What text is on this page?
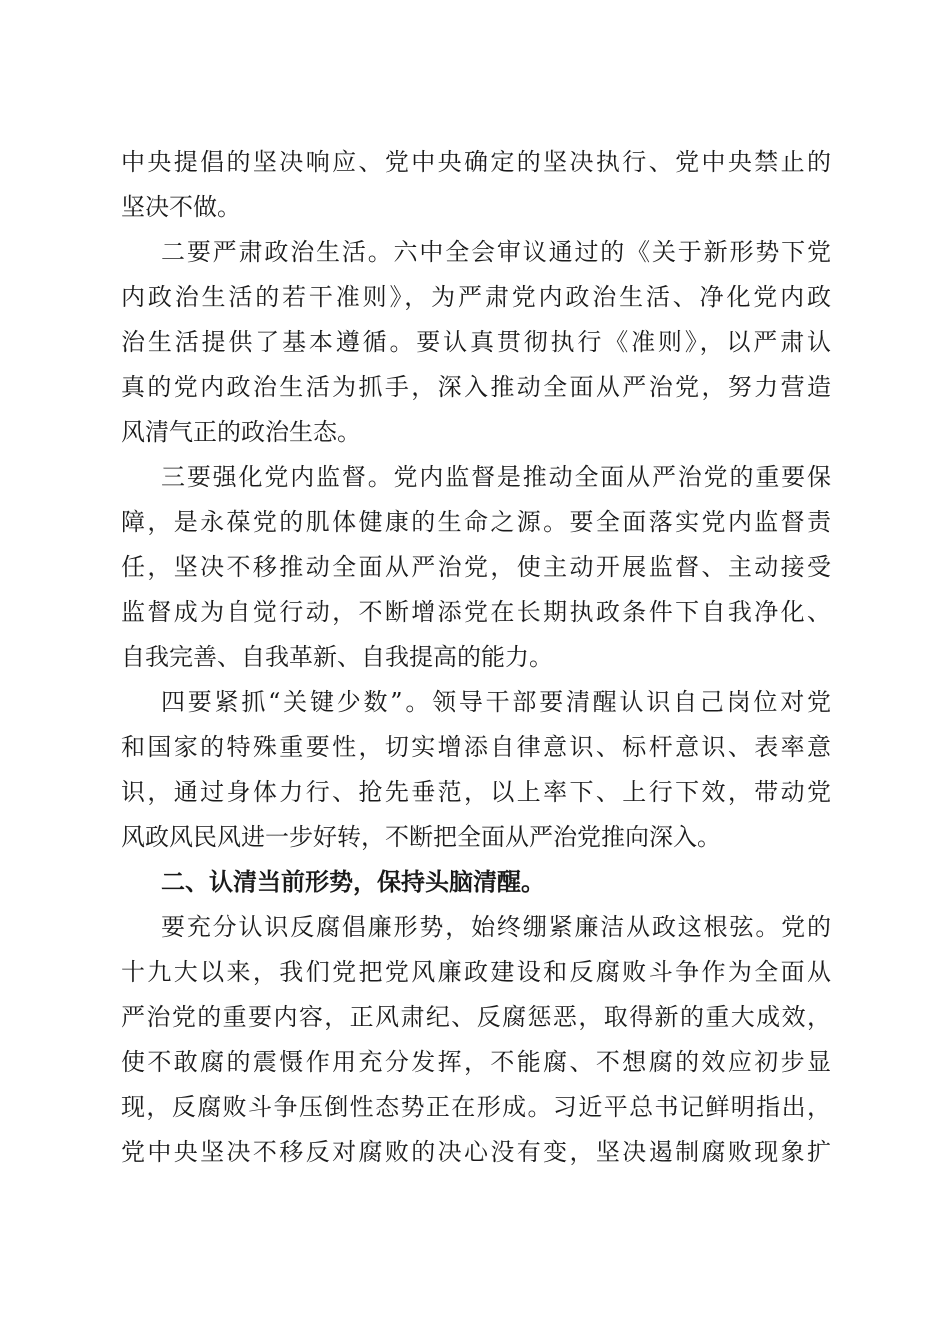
中央提倡的坚决响应、党中央确定的坚决执行、党中央禁止的
坚决不做。
二要严肃政治生活。六中全会审议通过的《关于新形势下党
内政治生活的若干准则》，为严肃党内政治生活、净化党内政
治生活提供了基本遵循。要认真贯彻执行《准则》，以严肃认
真的党内政治生活为抓手，深入推动全面从严治党，努力营造
风清气正的政治生态。
三要强化党内监督。党内监督是推动全面从严治党的重要保
障，是永葆党的肌体健康的生命之源。要全面落实党内监督责
任，坚决不移推动全面从严治党，使主动开展监督、主动接受
监督成为自觉行动，不断增添党在长期执政条件下自我净化、
自我完善、自我革新、自我提高的能力。
四要紧抓“关键少数”。领导干部要清醒认识自己岗位对党
和国家的特殊重要性，切实增添自律意识、标杆意识、表率意
识，通过身体力行、抢先垂范，以上率下、上行下效，带动党
风政风民风进一步好转，不断把全面从严治党推向深入。
二、认清当前形势，保持头脑清醒。
要充分认识反腐倡廉形势，始终绷紧廉洁从政这根弦。党的
十九大以来，我们党把党风廉政建设和反腐败斗争作为全面从
严治党的重要内容，正风肃纪、反腐惩恶，取得新的重大成效，
使不敢腐的震慑作用充分发挥，不能腐、不想腐的效应初步显
现，反腐败斗争压倒性态势正在形成。习近平总书记鲜明指出，
党中央坚决不移反对腐败的决心没有变，坚决遏制腐败现象扩
